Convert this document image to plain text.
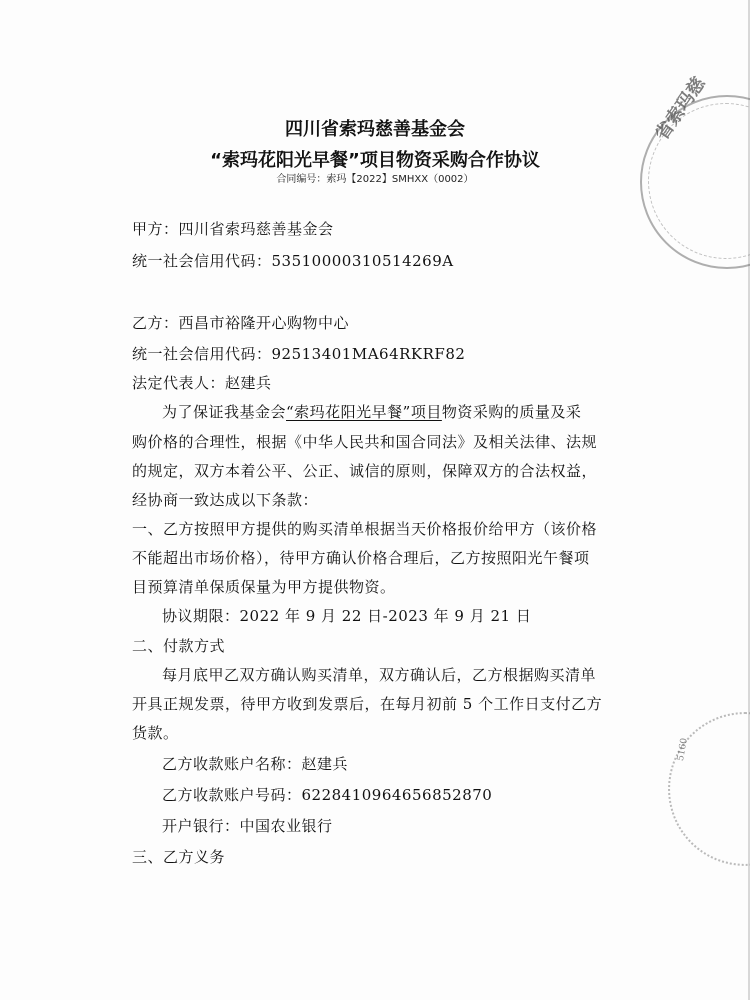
省索玛慈
5160
四川省索玛慈善基金会
“索玛花阳光早餐”项目物资采购合作协议
合同编号：索玛【2022】SMHXX（0002）
甲方：四川省索玛慈善基金会
统一社会信用代码：53510000310514269A
乙方：西昌市裕隆开心购物中心
统一社会信用代码：92513401MA64RKRF82
法定代表人：赵建兵
为了保证我基金会“索玛花阳光早餐”项目物资采购的质量及采
购价格的合理性，根据《中华人民共和国合同法》及相关法律、法规
的规定，双方本着公平、公正、诚信的原则，保障双方的合法权益，
经协商一致达成以下条款：
一、乙方按照甲方提供的购买清单根据当天价格报价给甲方（该价格
不能超出市场价格），待甲方确认价格合理后，乙方按照阳光午餐项
目预算清单保质保量为甲方提供物资。
协议期限：2022 年 9 月 22 日-2023 年 9 月 21 日
二、付款方式
每月底甲乙双方确认购买清单，双方确认后，乙方根据购买清单
开具正规发票，待甲方收到发票后，在每月初前 5 个工作日支付乙方
货款。
乙方收款账户名称：赵建兵
乙方收款账户号码：6228410964656852870
开户银行：中国农业银行
三、乙方义务
